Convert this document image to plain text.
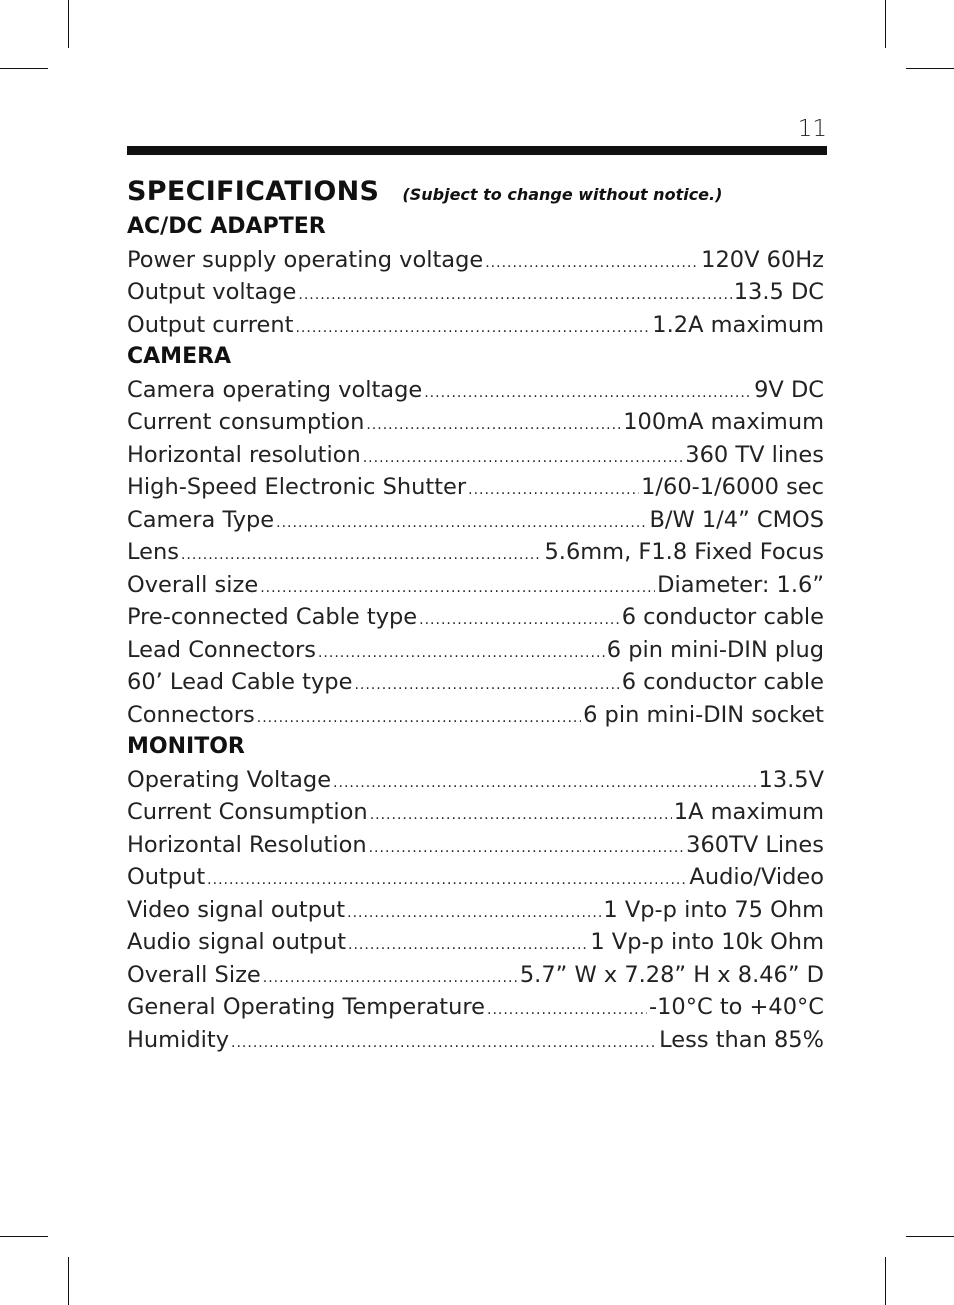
11
SPECIFICATIONS (Subject to change without notice.)
AC/DC ADAPTER
Power supply operating voltage .....	120V 60Hz
Output voltage .....	13.5 DC
Output current .....	1.2A maximum
CAMERA
Camera operating voltage .....	9V DC
Current consumption .....	100mA maximum
Horizontal resolution .....	360 TV lines
High-Speed Electronic Shutter .....	1/60-1/6000 sec
Camera Type .....	B/W 1/4” CMOS
Lens .....	5.6mm, F1.8 Fixed Focus
Overall size .....	Diameter: 1.6”
Pre-connected Cable type .....	6 conductor cable
Lead Connectors .....	6 pin mini-DIN plug
60’ Lead Cable type .....	6 conductor cable
Connectors .....	6 pin mini-DIN socket
MONITOR
Operating Voltage .....	13.5V
Current Consumption .....	1A maximum
Horizontal Resolution .....	360TV Lines
Output .....	Audio/Video
Video signal output .....	1 Vp-p into 75 Ohm
Audio signal output .....	1 Vp-p into 10k Ohm
Overall Size .....	5.7” W x 7.28” H x 8.46” D
General Operating Temperature .....	-10°C to +40°C
Humidity .....	Less than 85%
